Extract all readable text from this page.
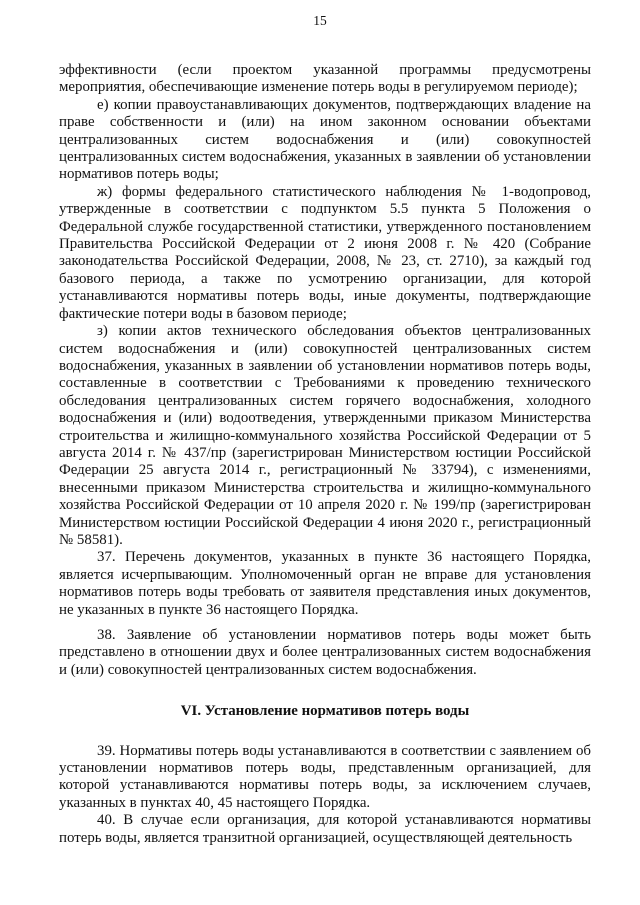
15

эффективности (если проектом указанной программы предусмотрены мероприятия, обеспечивающие изменение потерь воды в регулируемом периоде);

е) копии правоустанавливающих документов, подтверждающих владение на праве собственности и (или) на ином законном основании объектами централизованных систем водоснабжения и (или) совокупностей централизованных систем водоснабжения, указанных в заявлении об установлении нормативов потерь воды;

ж) формы федерального статистического наблюдения № 1-водопровод, утвержденные в соответствии с подпунктом 5.5 пункта 5 Положения о Федеральной службе государственной статистики, утвержденного постановлением Правительства Российской Федерации от 2 июня 2008 г. № 420 (Собрание законодательства Российской Федерации, 2008, № 23, ст. 2710), за каждый год базового периода, а также по усмотрению организации, для которой устанавливаются нормативы потерь воды, иные документы, подтверждающие фактические потери воды в базовом периоде;

з) копии актов технического обследования объектов централизованных систем водоснабжения и (или) совокупностей централизованных систем водоснабжения, указанных в заявлении об установлении нормативов потерь воды, составленные в соответствии с Требованиями к проведению технического обследования централизованных систем горячего водоснабжения, холодного водоснабжения и (или) водоотведения, утвержденными приказом Министерства строительства и жилищно-коммунального хозяйства Российской Федерации от 5 августа 2014 г. № 437/пр (зарегистрирован Министерством юстиции Российской Федерации 25 августа 2014 г., регистрационный № 33794), с изменениями, внесенными приказом Министерства строительства и жилищно-коммунального хозяйства Российской Федерации от 10 апреля 2020 г. № 199/пр (зарегистрирован Министерством юстиции Российской Федерации 4 июня 2020 г., регистрационный № 58581).

37. Перечень документов, указанных в пункте 36 настоящего Порядка, является исчерпывающим. Уполномоченный орган не вправе для установления нормативов потерь воды требовать от заявителя представления иных документов, не указанных в пункте 36 настоящего Порядка.

38. Заявление об установлении нормативов потерь воды может быть представлено в отношении двух и более централизованных систем водоснабжения и (или) совокупностей централизованных систем водоснабжения.

VI. Установление нормативов потерь воды

39. Нормативы потерь воды устанавливаются в соответствии с заявлением об установлении нормативов потерь воды, представленным организацией, для которой устанавливаются нормативы потерь воды, за исключением случаев, указанных в пунктах 40, 45 настоящего Порядка.

40. В случае если организация, для которой устанавливаются нормативы потерь воды, является транзитной организацией, осуществляющей деятельность
